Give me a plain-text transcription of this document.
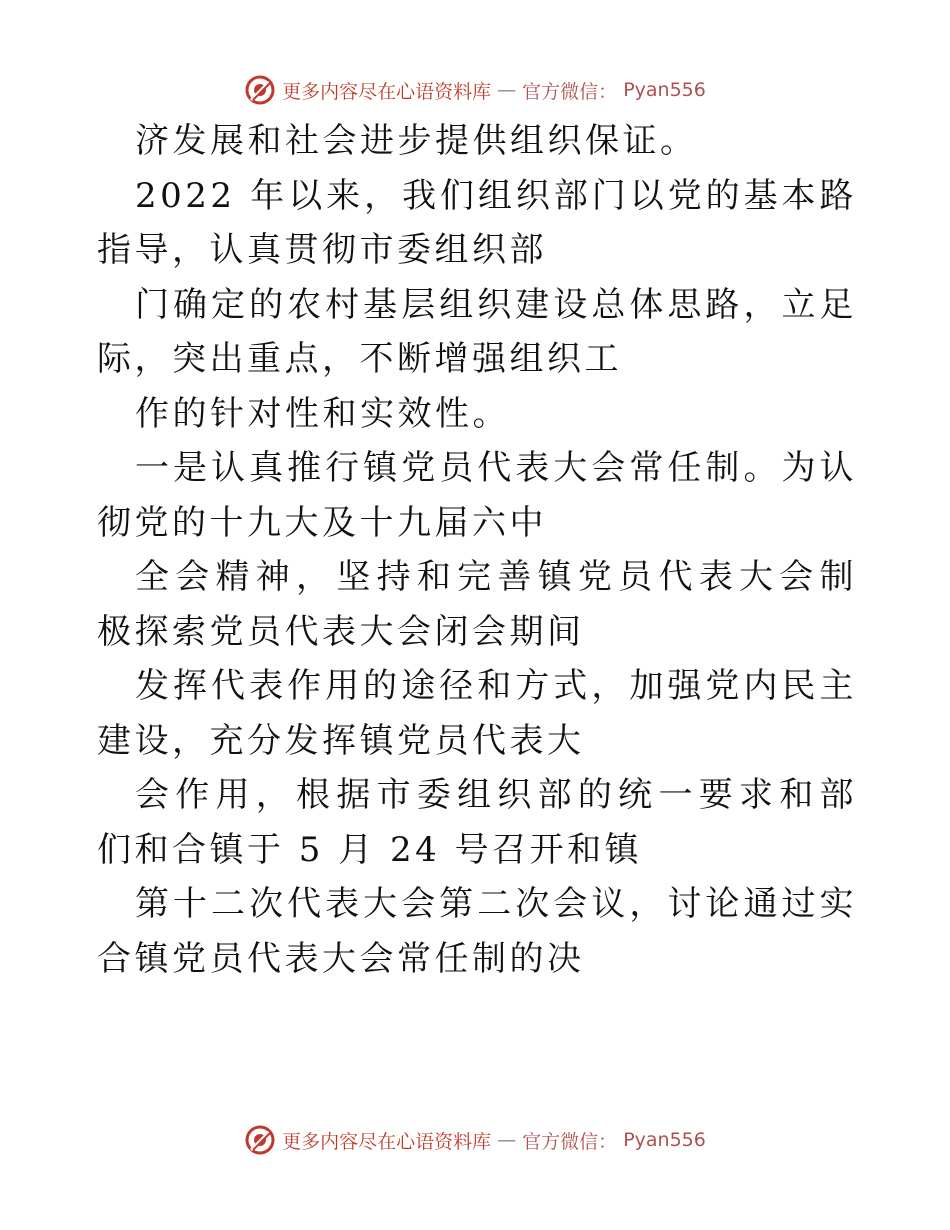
更多内容尽在心语资料库 — 官方微信： Pyan556
济发展和社会进步提供组织保证。
2022 年以来，我们组织部门以党的基本路
指导，认真贯彻市委组织部
门确定的农村基层组织建设总体思路，立足
际，突出重点，不断增强组织工
作的针对性和实效性。
一是认真推行镇党员代表大会常任制。为认
彻党的十九大及十九届六中
全会精神，坚持和完善镇党员代表大会制
极探索党员代表大会闭会期间
发挥代表作用的途径和方式，加强党内民主
建设，充分发挥镇党员代表大
会作用，根据市委组织部的统一要求和部
们和合镇于 5 月 24 号召开和镇
第十二次代表大会第二次会议，讨论通过实
合镇党员代表大会常任制的决
更多内容尽在心语资料库 — 官方微信： Pyan556
